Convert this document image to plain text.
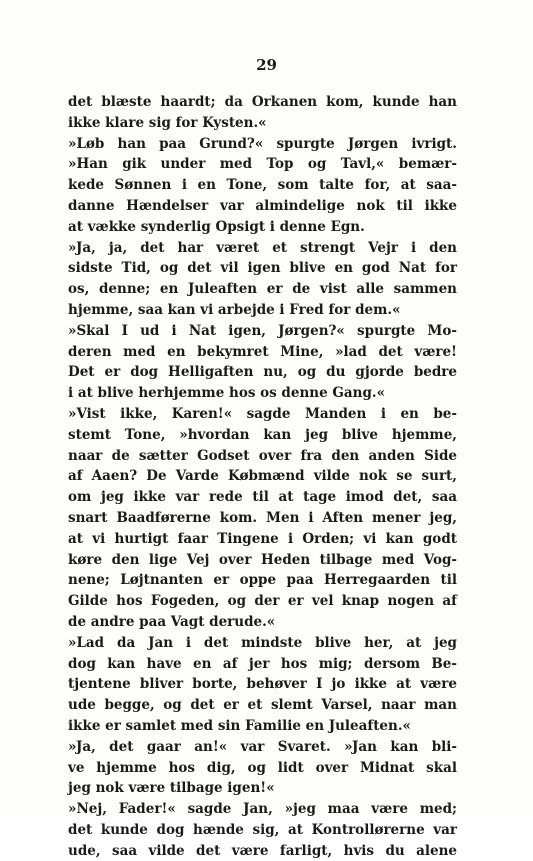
29
det blæste haardt; da Orkanen kom, kunde han
ikke klare sig for Kysten.«
»Løb han paa Grund?« spurgte Jørgen ivrigt.
»Han gik under med Top og Tavl,« bemær-
kede Sønnen i en Tone, som talte for, at saa-
danne Hændelser var almindelige nok til ikke
at vække synderlig Opsigt i denne Egn.
»Ja, ja, det har været et strengt Vejr i den
sidste Tid, og det vil igen blive en god Nat for
os, denne; en Juleaften er de vist alle sammen
hjemme, saa kan vi arbejde i Fred for dem.«
»Skal I ud i Nat igen, Jørgen?« spurgte Mo-
deren med en bekymret Mine, »lad det være!
Det er dog Helligaften nu, og du gjorde bedre
i at blive herhjemme hos os denne Gang.«
»Vist ikke, Karen!« sagde Manden i en be-
stemt Tone, »hvordan kan jeg blive hjemme,
naar de sætter Godset over fra den anden Side
af Aaen? De Varde Købmænd vilde nok se surt,
om jeg ikke var rede til at tage imod det, saa
snart Baadførerne kom. Men i Aften mener jeg,
at vi hurtigt faar Tingene i Orden; vi kan godt
køre den lige Vej over Heden tilbage med Vog-
nene; Løjtnanten er oppe paa Herregaarden til
Gilde hos Fogeden, og der er vel knap nogen af
de andre paa Vagt derude.«
»Lad da Jan i det mindste blive her, at jeg
dog kan have en af jer hos mig; dersom Be-
tjentene bliver borte, behøver I jo ikke at være
ude begge, og det er et slemt Varsel, naar man
ikke er samlet med sin Familie en Juleaften.«
»Ja, det gaar an!« var Svaret. »Jan kan bli-
ve hjemme hos dig, og lidt over Midnat skal
jeg nok være tilbage igen!«
»Nej, Fader!« sagde Jan, »jeg maa være med;
det kunde dog hænde sig, at Kontrollørerne var
ude, saa vilde det være farligt, hvis du alene
